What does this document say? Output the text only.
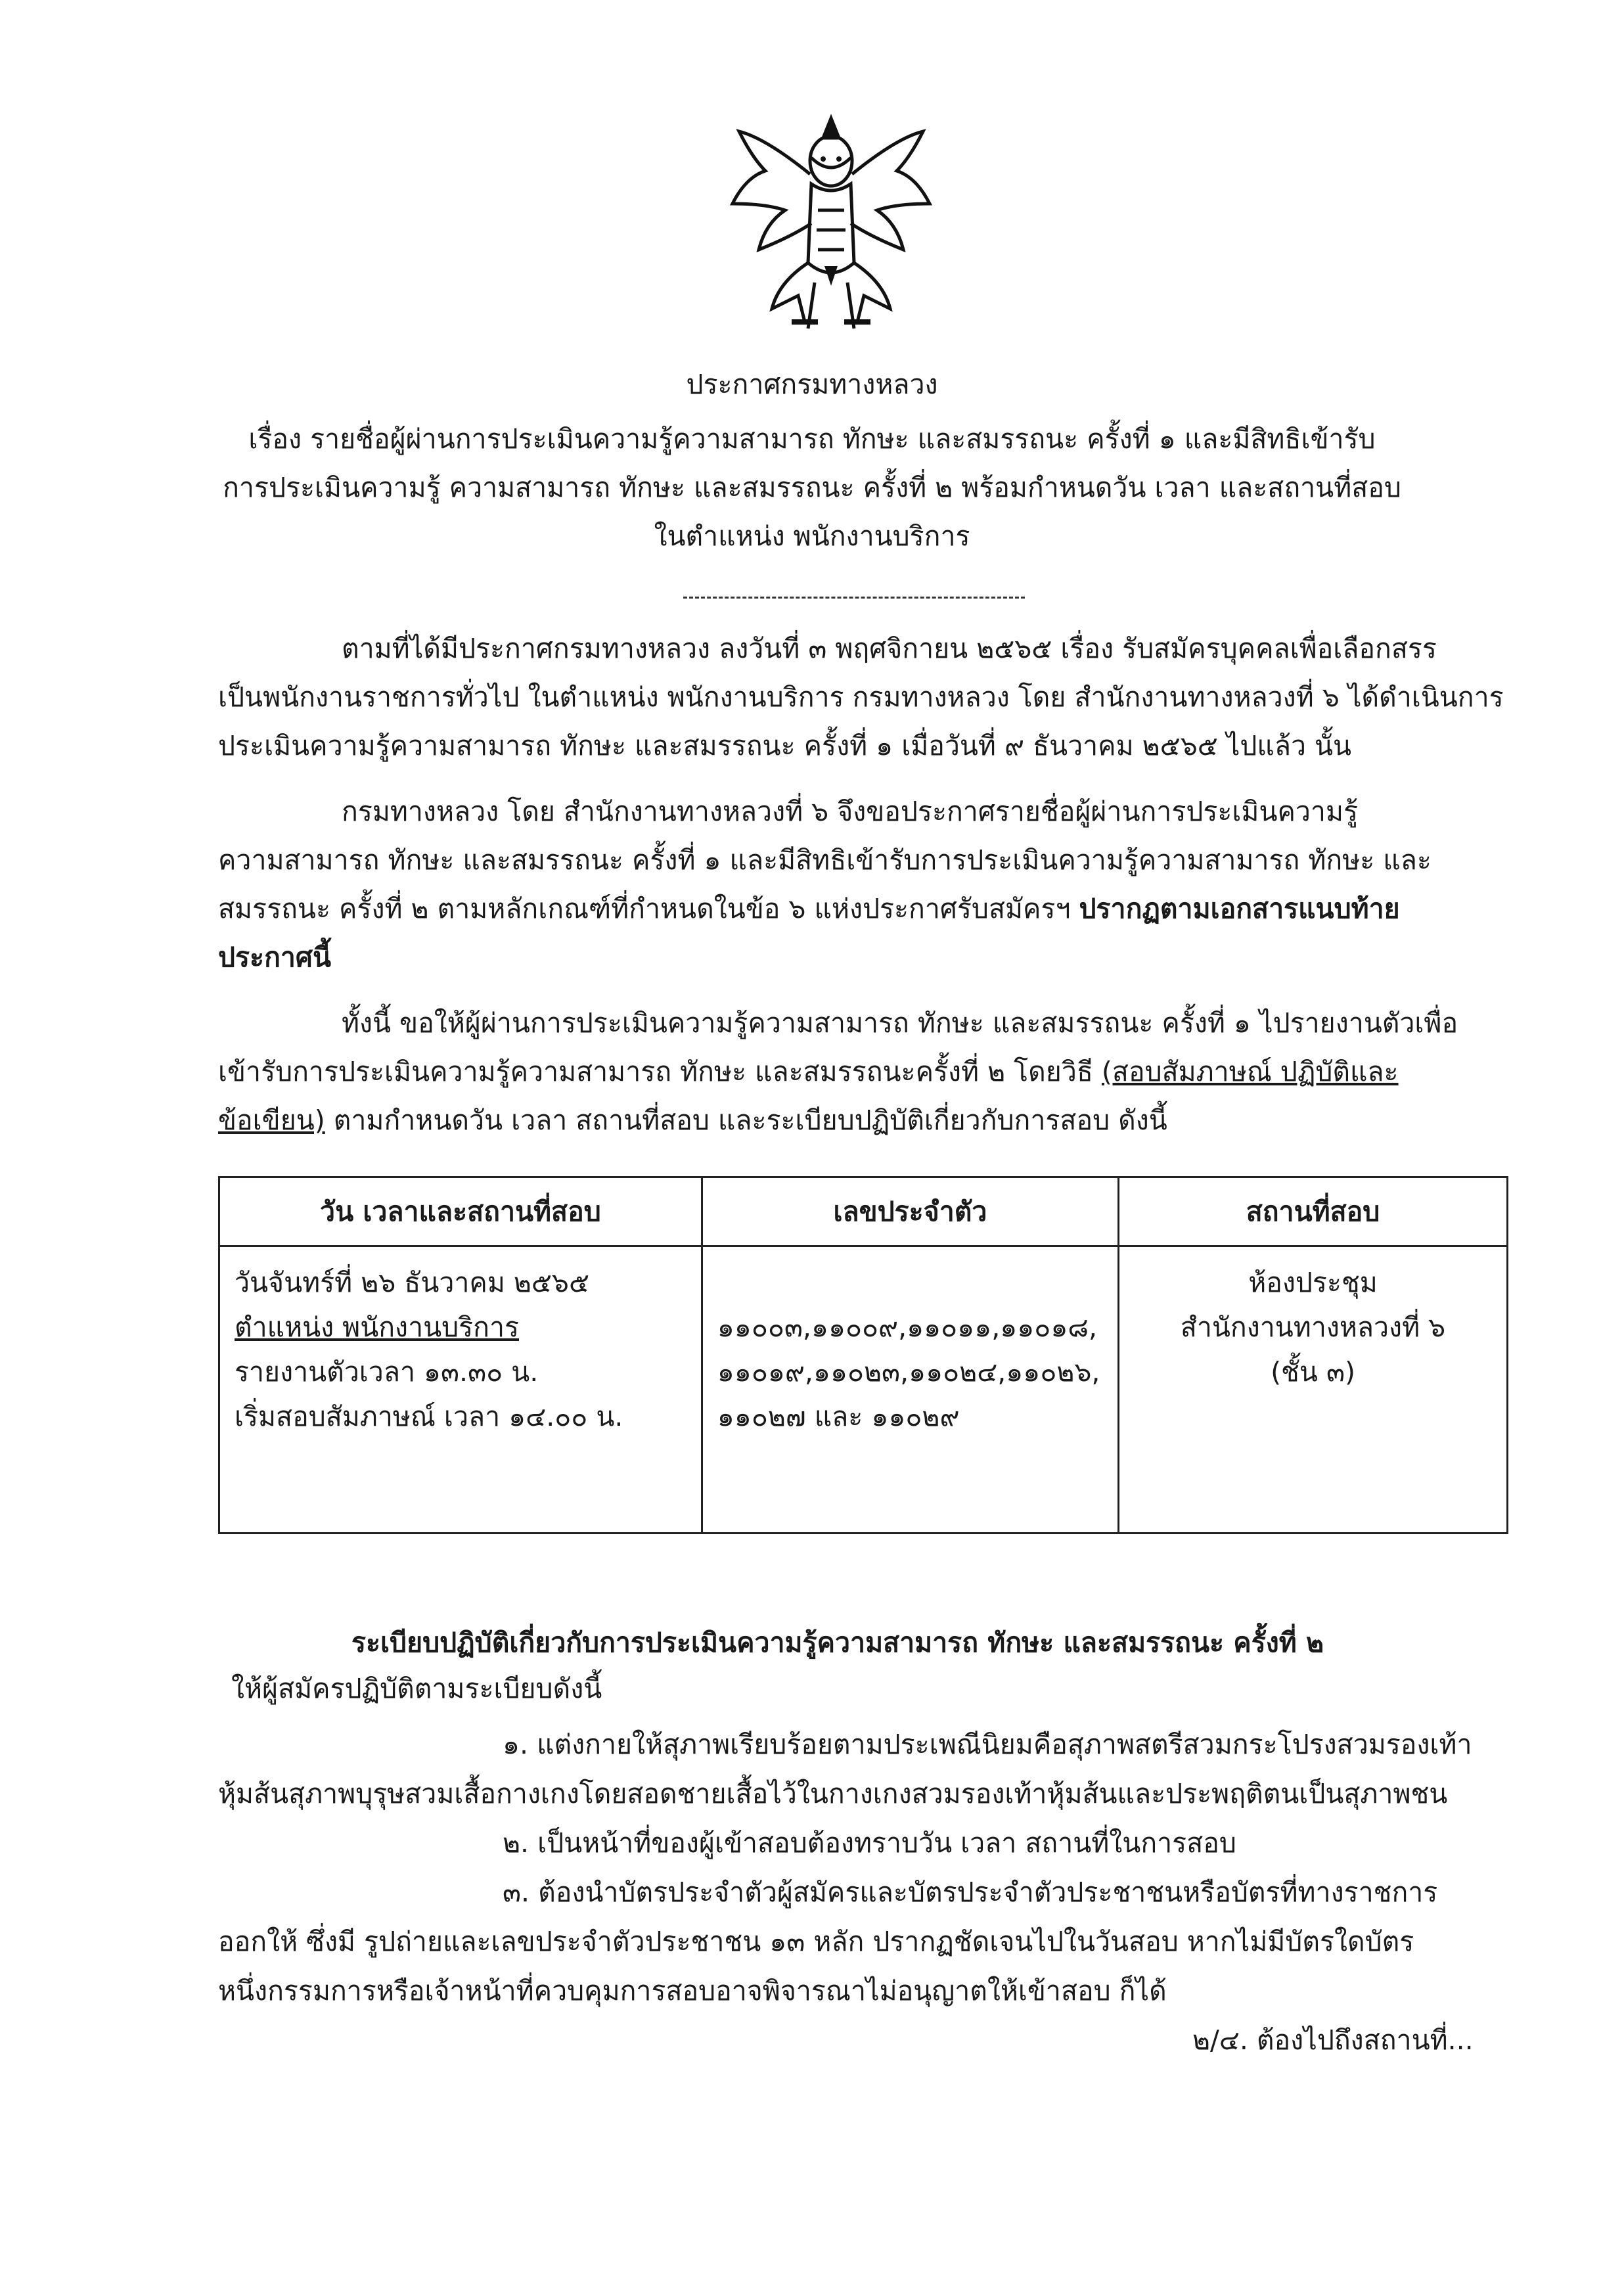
ประกาศกรมทางหลวง
เรื่อง รายชื่อผู้ผ่านการประเมินความรู้ความสามารถ ทักษะ และสมรรถนะ ครั้งที่ ๑ และมีสิทธิเข้ารับ
การประเมินความรู้ ความสามารถ ทักษะ และสมรรถนะ ครั้งที่ ๒ พร้อมกำหนดวัน เวลา และสถานที่สอบ
ในตำแหน่ง พนักงานบริการ
ตามที่ได้มีประกาศกรมทางหลวง ลงวันที่ ๓ พฤศจิกายน ๒๕๖๕ เรื่อง รับสมัครบุคคลเพื่อเลือกสรร
เป็นพนักงานราชการทั่วไป ในตำแหน่ง พนักงานบริการ กรมทางหลวง โดย สำนักงานทางหลวงที่ ๖ ได้ดำเนินการ
ประเมินความรู้ความสามารถ ทักษะ และสมรรถนะ ครั้งที่ ๑ เมื่อวันที่ ๙ ธันวาคม ๒๕๖๕ ไปแล้ว นั้น
กรมทางหลวง โดย สำนักงานทางหลวงที่ ๖ จึงขอประกาศรายชื่อผู้ผ่านการประเมินความรู้
ความสามารถ ทักษะ และสมรรถนะ ครั้งที่ ๑ และมีสิทธิเข้ารับการประเมินความรู้ความสามารถ ทักษะ และ
สมรรถนะ ครั้งที่ ๒ ตามหลักเกณฑ์ที่กำหนดในข้อ ๖ แห่งประกาศรับสมัครฯ ปรากฏตามเอกสารแนบท้าย
ประกาศนี้
ทั้งนี้ ขอให้ผู้ผ่านการประเมินความรู้ความสามารถ ทักษะ และสมรรถนะ ครั้งที่ ๑ ไปรายงานตัวเพื่อ
เข้ารับการประเมินความรู้ความสามารถ ทักษะ และสมรรถนะครั้งที่ ๒ โดยวิธี (สอบสัมภาษณ์ ปฏิบัติและ
ข้อเขียน) ตามกำหนดวัน เวลา สถานที่สอบ และระเบียบปฏิบัติเกี่ยวกับการสอบ ดังนี้
วัน เวลาและสถานที่สอบ	เลขประจำตัว	สถานที่สอบ

วันจันทร์ที่ ๒๖ ธันวาคม ๒๕๖๕
ตำแหน่ง พนักงานบริการ
รายงานตัวเวลา ๑๓.๓๐ น.
เริ่มสอบสัมภาษณ์ เวลา ๑๔.๐๐ น.	๑๑๐๐๓,๑๑๐๐๙,๑๑๐๑๑,๑๑๐๑๘,
๑๑๐๑๙,๑๑๐๒๓,๑๑๐๒๔,๑๑๐๒๖,
๑๑๐๒๗ และ ๑๑๐๒๙	ห้องประชุม
สำนักงานทางหลวงที่ ๖
(ชั้น ๓)
ระเบียบปฏิบัติเกี่ยวกับการประเมินความรู้ความสามารถ ทักษะ และสมรรถนะ ครั้งที่ ๒
ให้ผู้สมัครปฏิบัติตามระเบียบดังนี้
๑. แต่งกายให้สุภาพเรียบร้อยตามประเพณีนิยมคือสุภาพสตรีสวมกระโปรงสวมรองเท้า
หุ้มส้นสุภาพบุรุษสวมเสื้อกางเกงโดยสอดชายเสื้อไว้ในกางเกงสวมรองเท้าหุ้มส้นและประพฤติตนเป็นสุภาพชน
๒. เป็นหน้าที่ของผู้เข้าสอบต้องทราบวัน เวลา สถานที่ในการสอบ
๓. ต้องนำบัตรประจำตัวผู้สมัครและบัตรประจำตัวประชาชนหรือบัตรที่ทางราชการ
ออกให้ ซึ่งมี รูปถ่ายและเลขประจำตัวประชาชน ๑๓ หลัก ปรากฏชัดเจนไปในวันสอบ หากไม่มีบัตรใดบัตร
หนึ่งกรรมการหรือเจ้าหน้าที่ควบคุมการสอบอาจพิจารณาไม่อนุญาตให้เข้าสอบ ก็ได้
๒/๔. ต้องไปถึงสถานที่...
